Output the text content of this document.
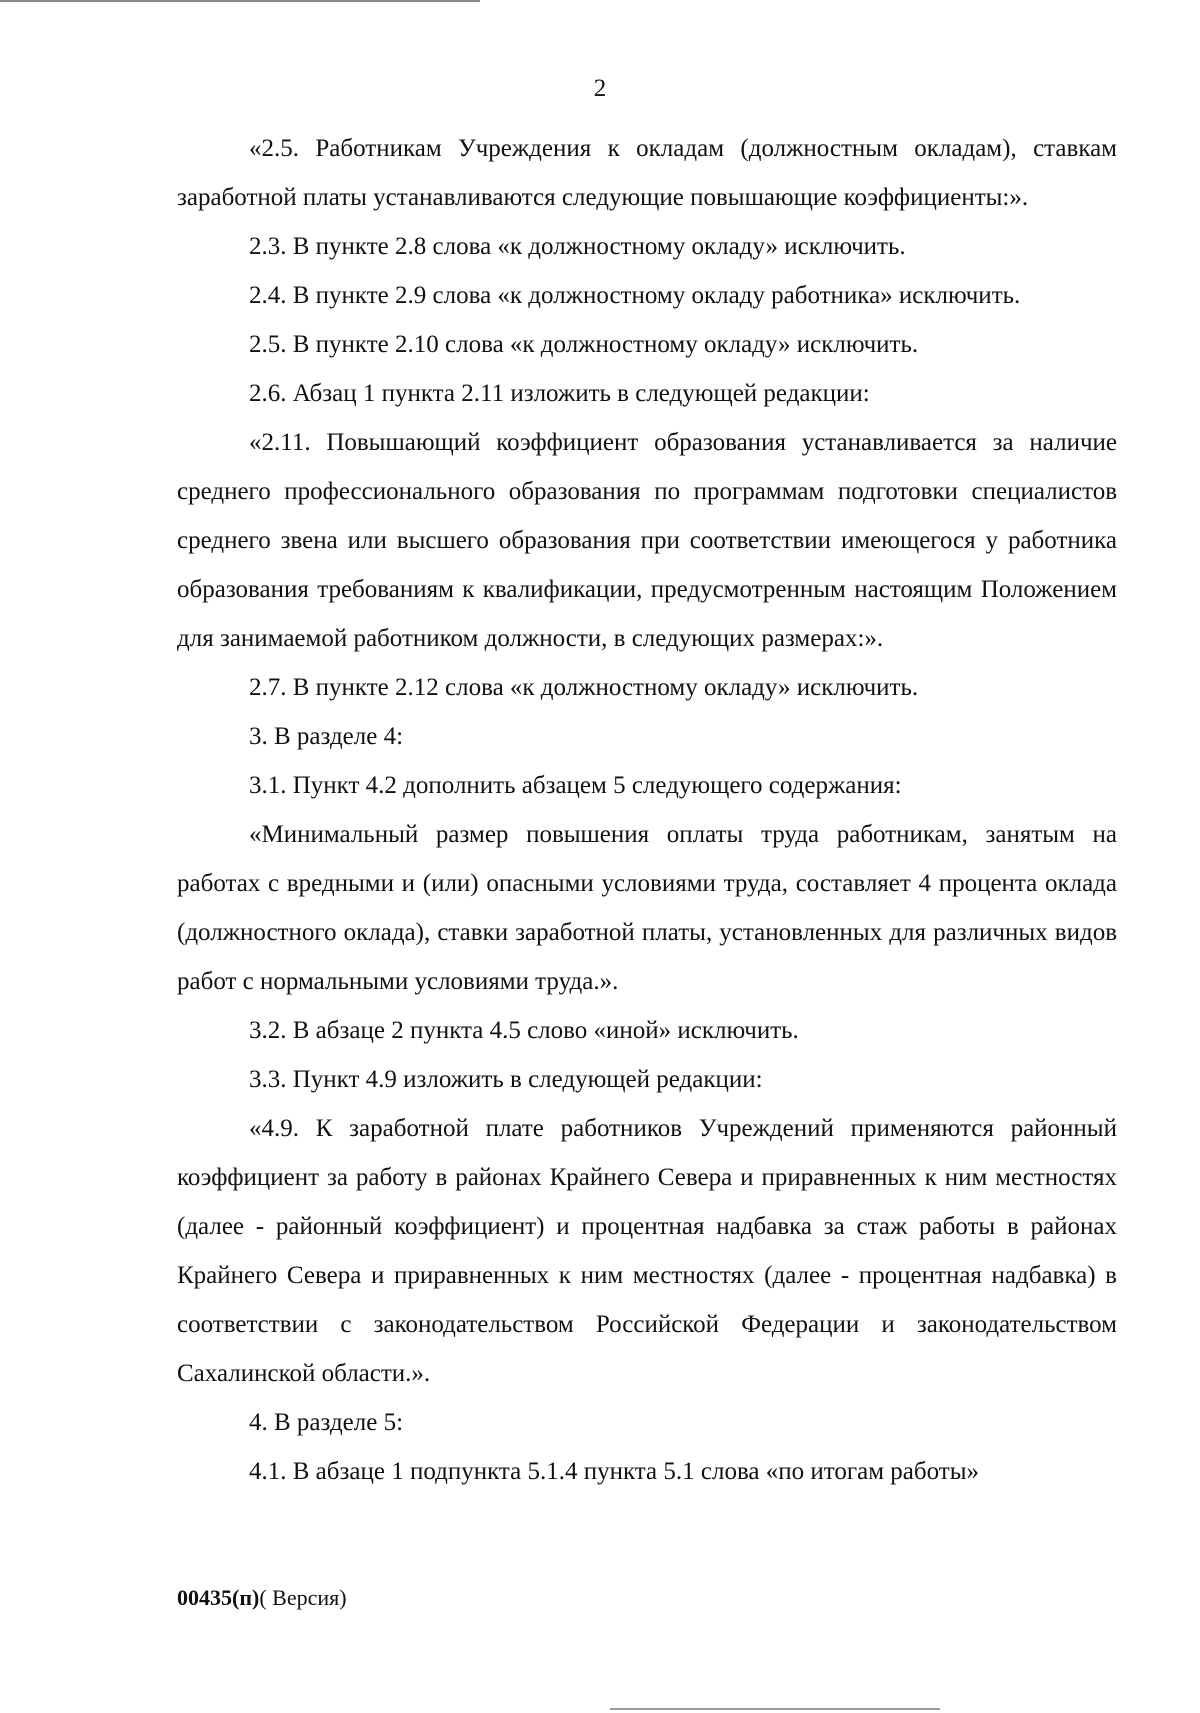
2

«2.5. Работникам Учреждения к окладам (должностным окладам), ставкам заработной платы устанавливаются следующие повышающие коэффициенты:».

2.3. В пункте 2.8 слова «к должностному окладу» исключить.

2.4. В пункте 2.9 слова «к должностному окладу работника» исключить.

2.5. В пункте 2.10 слова «к должностному окладу» исключить.

2.6. Абзац 1 пункта 2.11 изложить в следующей редакции:

«2.11. Повышающий коэффициент образования устанавливается за наличие среднего профессионального образования по программам подготовки специалистов среднего звена или высшего образования при соответствии имеющегося у работника образования требованиям к квалификации, предусмотренным настоящим Положением для занимаемой работником должности, в следующих размерах:».

2.7. В пункте 2.12 слова «к должностному окладу» исключить.

3. В разделе 4:

3.1. Пункт 4.2 дополнить абзацем 5 следующего содержания:

«Минимальный размер повышения оплаты труда работникам, занятым на работах с вредными и (или) опасными условиями труда, составляет 4 процента оклада (должностного оклада), ставки заработной платы, установленных для различных видов работ с нормальными условиями труда.».

3.2. В абзаце 2 пункта 4.5 слово «иной» исключить.

3.3. Пункт 4.9 изложить в следующей редакции:

«4.9. К заработной плате работников Учреждений применяются районный коэффициент за работу в районах Крайнего Севера и приравненных к ним местностях (далее - районный коэффициент) и процентная надбавка за стаж работы в районах Крайнего Севера и приравненных к ним местностях (далее - процентная надбавка) в соответствии с законодательством Российской Федерации и законодательством Сахалинской области.».

4. В разделе 5:

4.1. В абзаце 1 подпункта 5.1.4 пункта 5.1 слова «по итогам работы»

00435(п)( Версия)
